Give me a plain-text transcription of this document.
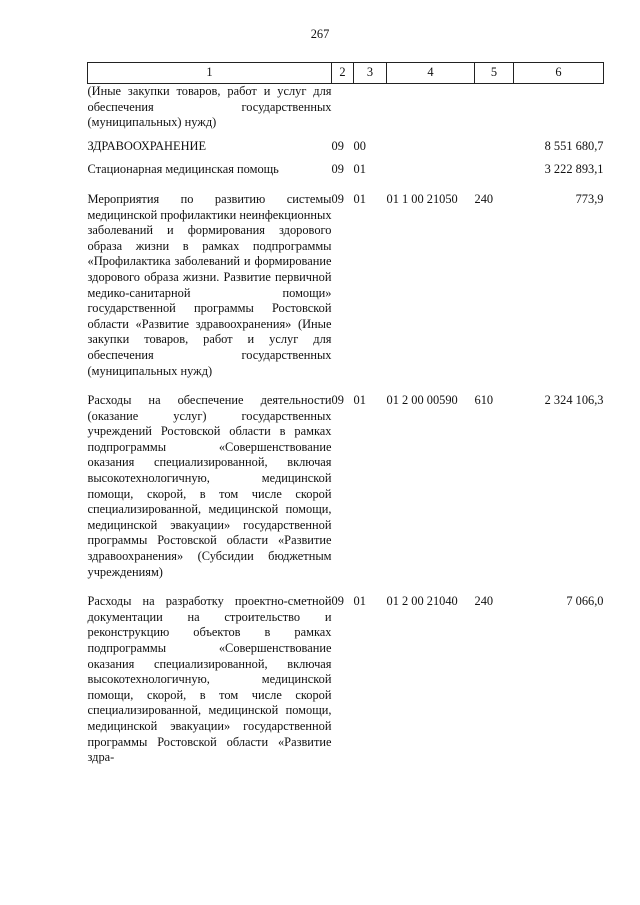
267
1	2	3	4	5	6
(Иные закупки товаров, работ и услуг для обеспечения государственных (муниципальных) нужд)					
ЗДРАВООХРАНЕНИЕ	09	00			8 551 680,7
Стационарная медицинская помощь	09	01			3 222 893,1
Мероприятия по развитию системы медицинской профилактики неинфекционных заболеваний и формирования здорового образа жизни в рамках подпрограммы «Профилактика заболеваний и формирование здорового образа жизни. Развитие первичной медико-санитарной помощи» государственной программы Ростовской области «Развитие здравоохранения» (Иные закупки товаров, работ и услуг для обеспечения государственных (муниципальных нужд)	09	01	01 1 00 21050	240	773,9
Расходы на обеспечение деятельности (оказание услуг) государственных учреждений Ростовской области в рамках подпрограммы «Совершенствование оказания специализированной, включая высокотехнологичную, медицинской помощи, скорой, в том числе скорой специализированной, медицинской помощи, медицинской эвакуации» государственной программы Ростовской области «Развитие здравоохранения» (Субсидии бюджетным учреждениям)	09	01	01 2 00 00590	610	2 324 106,3
Расходы на разработку проектно-сметной документации на строительство и реконструкцию объектов в рамках подпрограммы «Совершенствование оказания специализированной, включая высокотехнологичную, медицинской помощи, скорой, в том числе скорой специализированной, медицинской помощи, медицинской эвакуации» государственной программы Ростовской области «Развитие здра-	09	01	01 2 00 21040	240	7 066,0
